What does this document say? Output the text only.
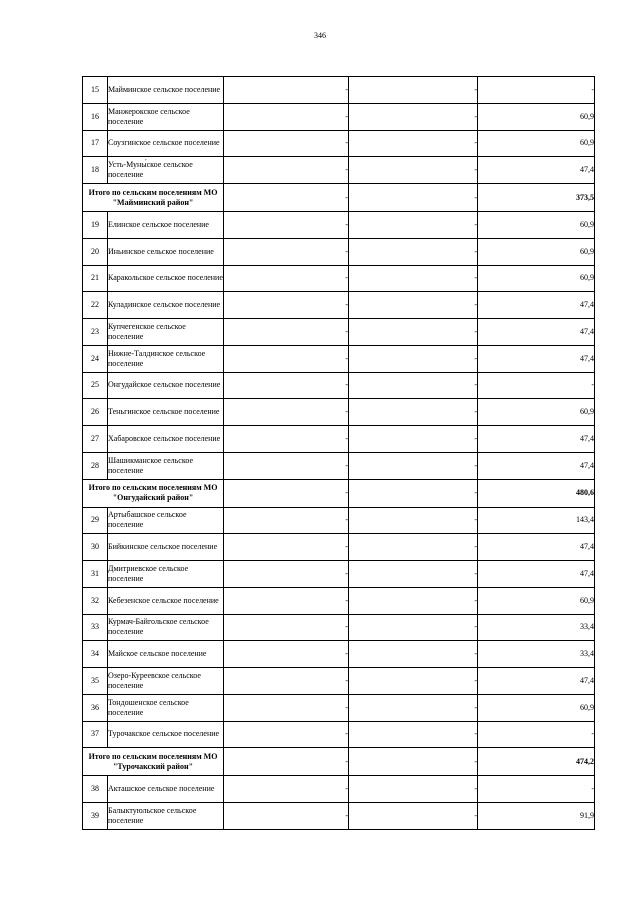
346
15	Майминское сельское поселение	-	-	-
16	Манжерокское сельское поселение	-	-	60,9
17	Соузгинское сельское поселение	-	-	60,9
18	Усть-Муны́ское сельское поселение	-	-	47,4
Итого по сельским поселениям МО "Майминский район"		-	-	373,5
19	Елинское сельское поселение	-	-	60,9
20	Иньинское сельское поселение	-	-	60,9
21	Каракольское сельское поселение	-	-	60,9
22	Куладинское сельское поселение	-	-	47,4
23	Купчегенское сельское поселение	-	-	47,4
24	Нижне-Талдинское сельское поселение	-	-	47,4
25	Онгудайское сельское поселение	-	-	-
26	Теньгинское сельское поселение	-	-	60,9
27	Хабаровское сельское поселение	-	-	47,4
28	Шашикманское сельское поселение	-	-	47,4
Итого по сельским поселениям МО "Онгудайский район"		-	-	480,6
29	Артыбашское сельское поселение	-	-	143,4
30	Бийкинское сельское поселение	-	-	47,4
31	Дмитриевское сельское поселение	-	-	47,4
32	Кебезенское сельское поселение	-	-	60,9
33	Курмач-Байгольское сельское поселение	-	-	33,4
34	Майское сельское поселение	-	-	33,4
35	Озеро-Куреевское сельское поселение	-	-	47,4
36	Тондошенское сельское поселение	-	-	60,9
37	Турочакское сельское поселение	-	-	-
Итого по сельским поселениям МО "Турочакский район"		-	-	474,2
38	Акташское сельское поселение	-	-	-
39	Балыктуюльское сельское поселение	-	-	91,9
